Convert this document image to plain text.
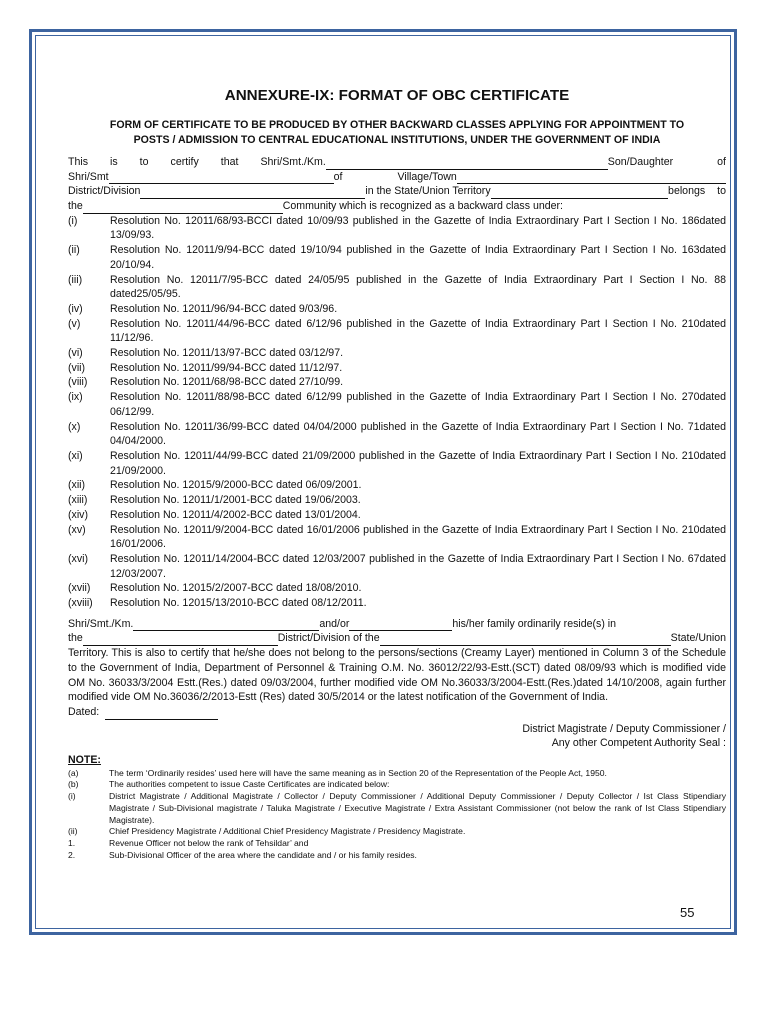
ANNEXURE-IX: FORMAT OF OBC CERTIFICATE
FORM OF CERTIFICATE TO BE PRODUCED BY OTHER BACKWARD CLASSES APPLYING FOR APPOINTMENT TO
POSTS / ADMISSION TO CENTRAL EDUCATIONAL INSTITUTIONS, UNDER THE GOVERNMENT OF INDIA
This is to certify that Shri/Smt./Km.	Son/Daughter	of
Shri/Smt	of	Village/Town
District/Division	in the State/Union Territory	belongs to
the	Community which is recognized as a backward class under:
(i)	Resolution No. 12011/68/93-BCCI dated 10/09/93 published in the Gazette of India Extraordinary Part I Section I No. 186dated 13/09/93.
(ii)	Resolution No. 12011/9/94-BCC dated 19/10/94 published in the Gazette of India Extraordinary Part I Section I No. 163dated 20/10/94.
(iii)	Resolution No. 12011/7/95-BCC dated 24/05/95 published in the Gazette of India Extraordinary Part I Section I No. 88 dated25/05/95.
(iv)	Resolution No. 12011/96/94-BCC dated 9/03/96.
(v)	Resolution No. 12011/44/96-BCC dated 6/12/96 published in the Gazette of India Extraordinary Part I Section I No. 210dated 11/12/96.
(vi)	Resolution No. 12011/13/97-BCC dated 03/12/97.
(vii)	Resolution No. 12011/99/94-BCC dated 11/12/97.
(viii)	Resolution No. 12011/68/98-BCC dated 27/10/99.
(ix)	Resolution No. 12011/88/98-BCC dated 6/12/99 published in the Gazette of India Extraordinary Part I Section I No. 270dated 06/12/99.
(x)	Resolution No. 12011/36/99-BCC dated 04/04/2000 published in the Gazette of India Extraordinary Part I Section I No. 71dated 04/04/2000.
(xi)	Resolution No. 12011/44/99-BCC dated 21/09/2000 published in the Gazette of India Extraordinary Part I Section I No. 210dated 21/09/2000.
(xii)	Resolution No. 12015/9/2000-BCC dated 06/09/2001.
(xiii)	Resolution No. 12011/1/2001-BCC dated 19/06/2003.
(xiv)	Resolution No. 12011/4/2002-BCC dated 13/01/2004.
(xv)	Resolution No. 12011/9/2004-BCC dated 16/01/2006 published in the Gazette of India Extraordinary Part I Section I No. 210dated 16/01/2006.
(xvi)	Resolution No. 12011/14/2004-BCC dated 12/03/2007 published in the Gazette of India Extraordinary Part I Section I No. 67dated 12/03/2007.
(xvii)	Resolution No. 12015/2/2007-BCC dated 18/08/2010.
(xviii)	Resolution No. 12015/13/2010-BCC dated 08/12/2011.
Shri/Smt./Km.	and/or	his/her family ordinarily reside(s) in
the	District/Division of the	State/Union
Territory. This is also to certify that he/she does not belong to the persons/sections (Creamy Layer) mentioned in Column 3 of the Schedule to the Government of India, Department of Personnel & Training O.M. No. 36012/22/93-Estt.(SCT) dated 08/09/93 which is modified vide OM No. 36033/3/2004 Estt.(Res.) dated 09/03/2004, further modified vide OM No.36033/3/2004-Estt.(Res.)dated 14/10/2008, again further modified vide OM No.36036/2/2013-Estt (Res) dated 30/5/2014 or the latest notification of the Government of India.
Dated:
District Magistrate / Deputy Commissioner /
Any other Competent Authority Seal :
NOTE:
(a)	The term ‘Ordinarily resides’ used here will have the same meaning as in Section 20 of the Representation of the People Act, 1950.
(b)	The authorities competent to issue Caste Certificates are indicated below:
(i)	District Magistrate / Additional Magistrate / Collector / Deputy Commissioner / Additional Deputy Commissioner / Deputy Collector / Ist Class Stipendiary Magistrate / Sub-Divisional magistrate / Taluka Magistrate / Executive Magistrate / Extra Assistant Commissioner (not below the rank of Ist Class Stipendiary Magistrate).
(ii)	Chief Presidency Magistrate / Additional Chief Presidency Magistrate / Presidency Magistrate.
1.	Revenue Officer not below the rank of Tehsildar’ and
2.	Sub-Divisional Officer of the area where the candidate and / or his family resides.
55
